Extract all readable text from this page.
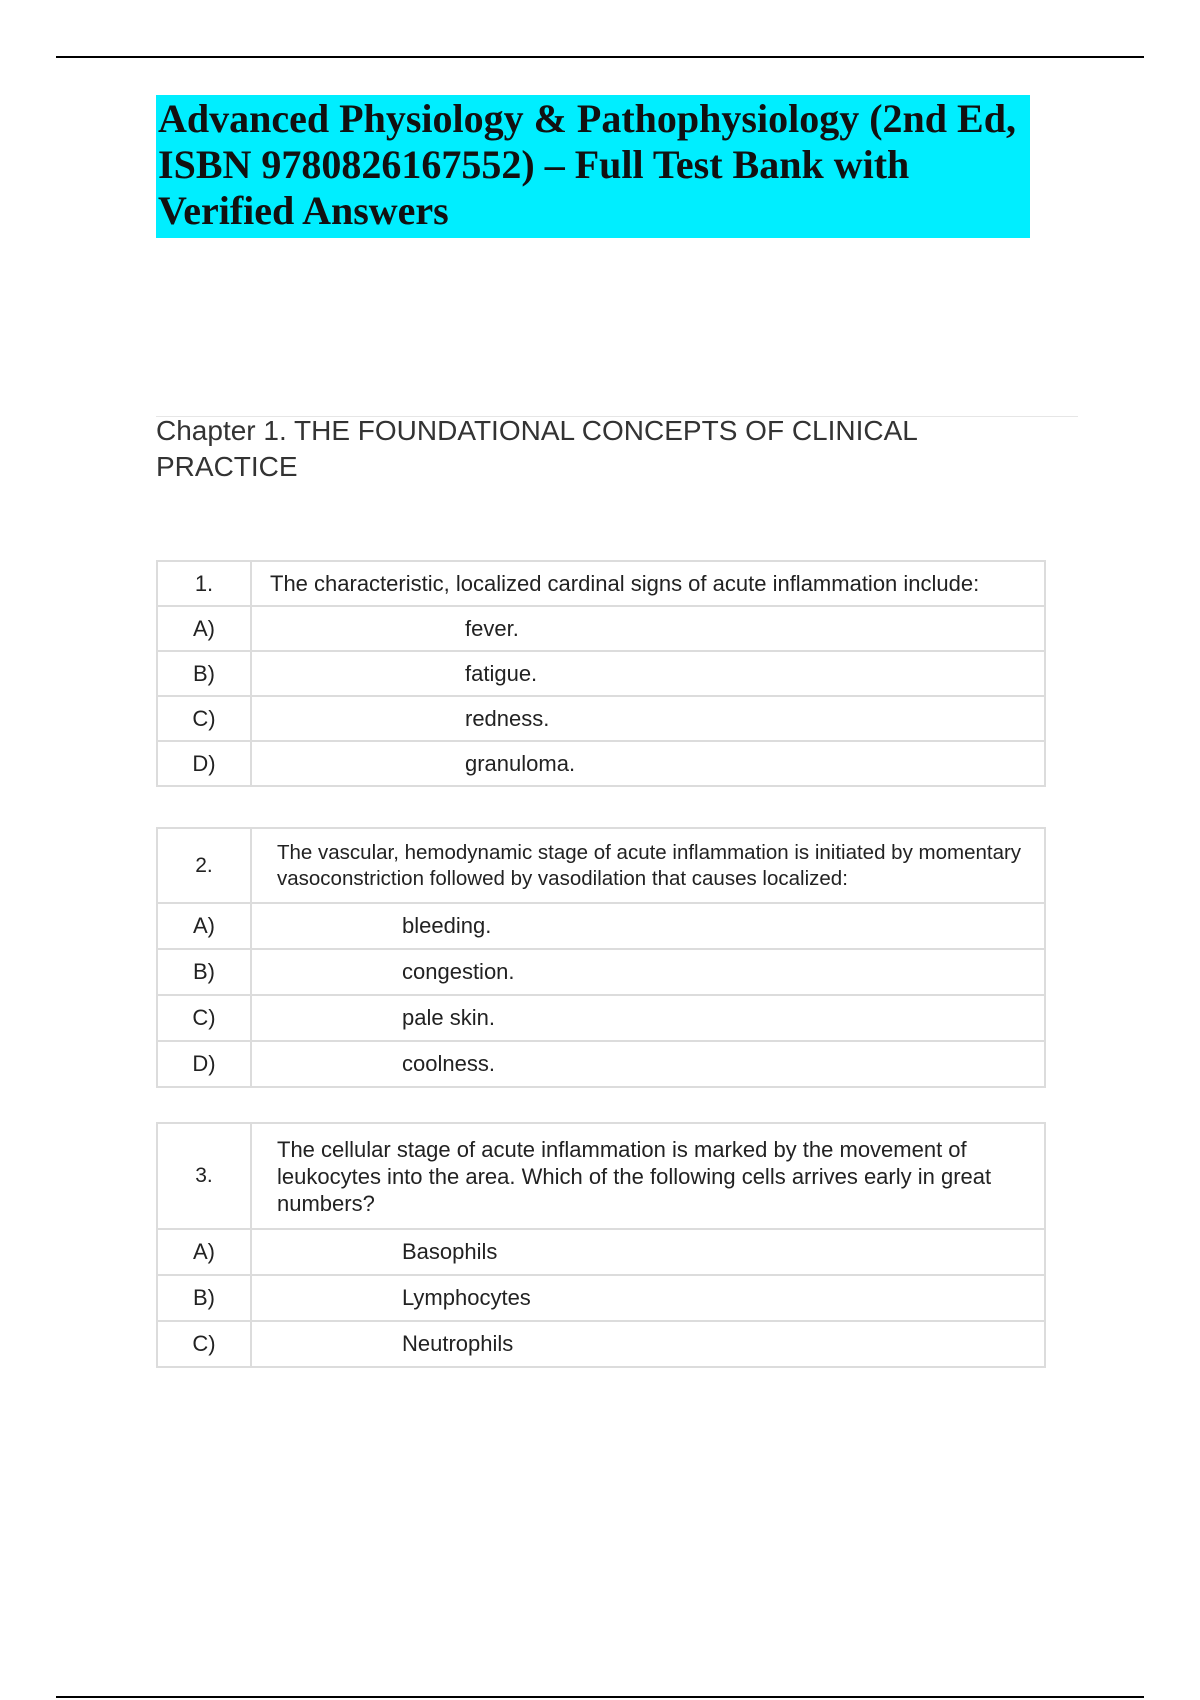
Advanced Physiology & Pathophysiology (2nd Ed, ISBN 9780826167552) – Full Test Bank with Verified Answers
Chapter 1. THE FOUNDATIONAL CONCEPTS OF CLINICAL PRACTICE
1.	The characteristic, localized cardinal signs of acute inflammation include:
A)	fever.
B)	fatigue.
C)	redness.
D)	granuloma.
2.	The vascular, hemodynamic stage of acute inflammation is initiated by momentary vasoconstriction followed by vasodilation that causes localized:
A)	bleeding.
B)	congestion.
C)	pale skin.
D)	coolness.
3.	The cellular stage of acute inflammation is marked by the movement of leukocytes into the area. Which of the following cells arrives early in great numbers?
A)	Basophils
B)	Lymphocytes
C)	Neutrophils
